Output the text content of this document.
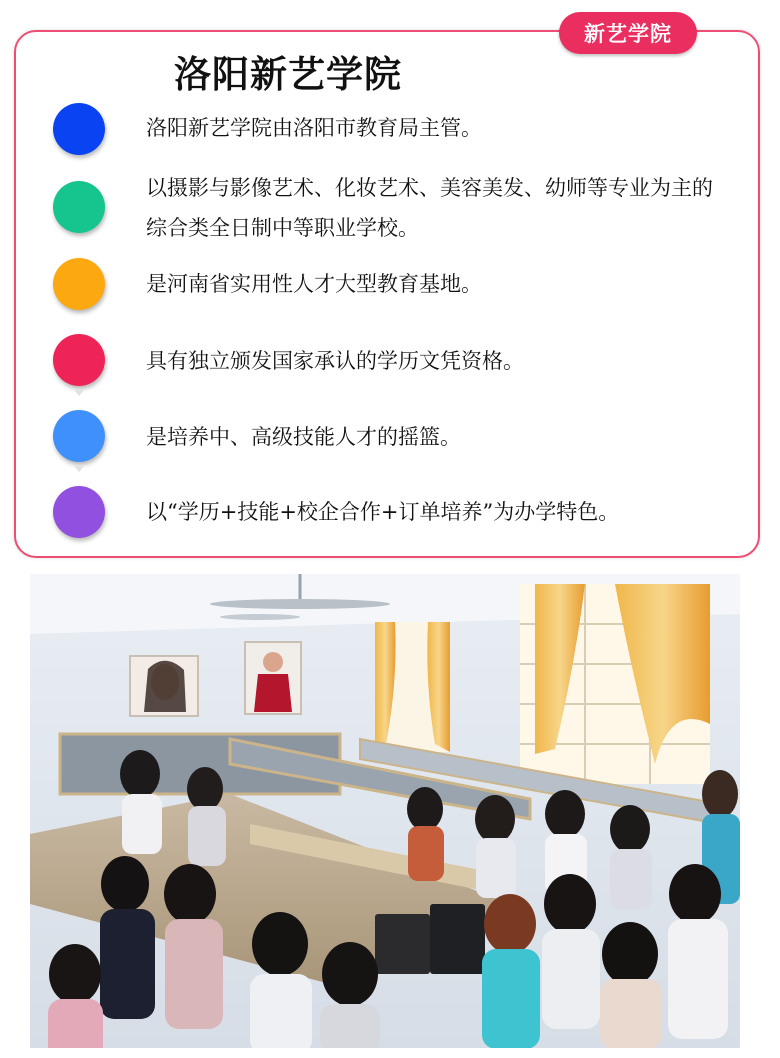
新艺学院
洛阳新艺学院
洛阳新艺学院由洛阳市教育局主管。
以摄影与影像艺术、化妆艺术、美容美发、幼师等专业为主的综合类全日制中等职业学校。
是河南省实用性人才大型教育基地。
具有独立颁发国家承认的学历文凭资格。
是培养中、高级技能人才的摇篮。
以“学历+技能+校企合作+订单培养”为办学特色。
